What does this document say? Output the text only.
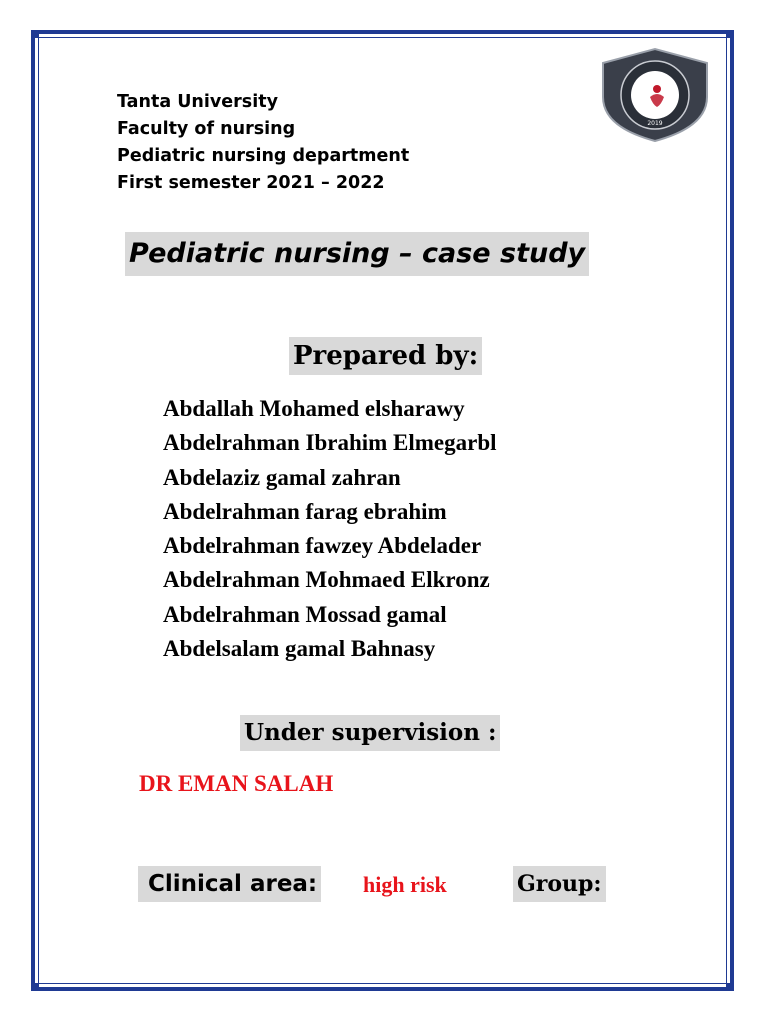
Tanta University
Faculty of nursing
Pediatric nursing department
First semester 2021 – 2022
2019
Pediatric nursing – case study
Prepared by:
Abdallah Mohamed elsharawy
Abdelrahman Ibrahim Elmegarbl
Abdelaziz gamal zahran
Abdelrahman farag ebrahim
Abdelrahman fawzey Abdelader
Abdelrahman Mohmaed Elkronz
Abdelrahman Mossad gamal
Abdelsalam gamal Bahnasy
Under supervision :
DR EMAN SALAH
Clinical area: high risk	Group:
